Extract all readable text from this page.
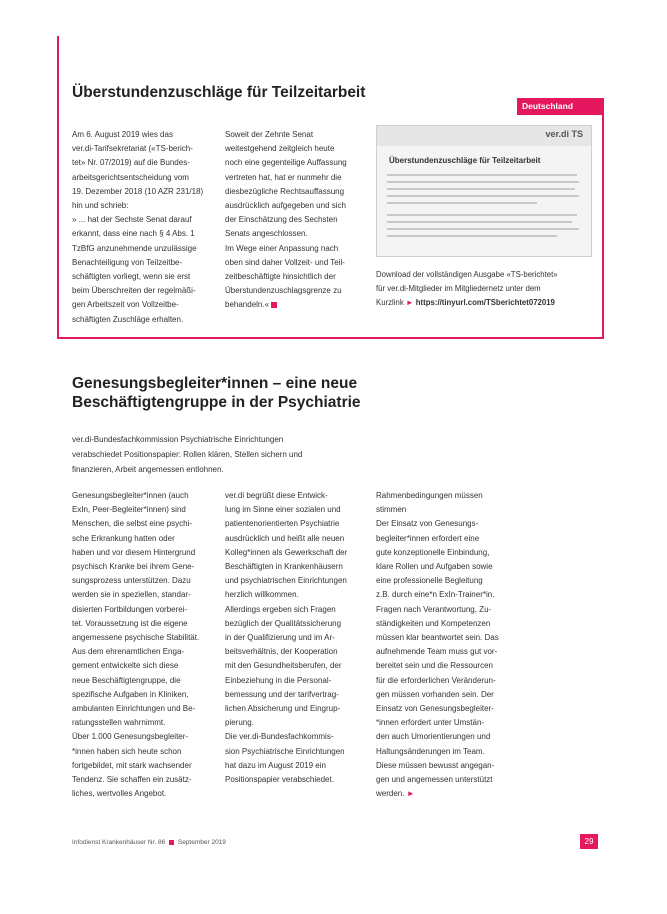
Überstundenzuschläge für Teilzeitarbeit
Deutschland

Am 6. August 2019 wies das

ver.di-Tarifsekretariat («TS-berich-

tet» Nr. 07/2019) auf die Bundes-

arbeitsgerichtsentscheidung vom

19. Dezember 2018 (10 AZR 231/18)

hin und schrieb:

» ... hat der Sechste Senat darauf

erkannt, dass eine nach § 4 Abs. 1

TzBfG anzunehmende unzulässige

Benachteiligung von Teilzeitbe-

schäftigten vorliegt, wenn sie erst

beim Überschreiten der regelmäßi-

gen Arbeitszeit von Vollzeitbe-

schäftigten Zuschläge erhalten.

Soweit der Zehnte Senat

weitestgehend zeitgleich heute

noch eine gegenteilige Auffassung

vertreten hat, hat er nunmehr die

diesbezügliche Rechtsauffassung

ausdrücklich aufgegeben und sich

der Einschätzung des Sechsten

Senats angeschlossen.

Im Wege einer Anpassung nach

oben sind daher Vollzeit- und Teil-

zeitbeschäftigte hinsichtlich der

Überstundenzuschlagsgrenze zu

behandeln.«

ver.di TS
Überstundenzuschläge für Teilzeitarbeit
Download der vollständigen Ausgabe «TS-berichtet»
für ver.di-Mitglieder im Mitgliedernetz unter dem
Kurzlink ► https://tinyurl.com/TSberichtet072019
Genesungsbegleiter*innen – eine neue
Beschäftigtengruppe in der Psychiatrie
ver.di-Bundesfachkommission Psychiatrische Einrichtungen
verabschiedet Positionspapier: Rollen klären, Stellen sichern und
finanzieren, Arbeit angemessen entlohnen.

Genesungsbegleiter*innen (auch

ExIn, Peer-Begleiter*innen) sind

Menschen, die selbst eine psychi-

sche Erkrankung hatten oder

haben und vor diesem Hintergrund

psychisch Kranke bei ihrem Gene-

sungsprozess unterstützen. Dazu

werden sie in speziellen, standar-

disierten Fortbildungen vorberei-

tet. Voraussetzung ist die eigene

angemessene psychische Stabilität.

Aus dem ehrenamtlichen Enga-

gement entwickelte sich diese

neue Beschäftigtengruppe, die

spezifische Aufgaben in Kliniken,

ambulanten Einrichtungen und Be-

ratungsstellen wahrnimmt.

Über 1.000 Genesungsbegleiter-

*innen haben sich heute schon

fortgebildet, mit stark wachsender

Tendenz. Sie schaffen ein zusätz-

liches, wertvolles Angebot.

ver.di begrüßt diese Entwick-

lung im Sinne einer sozialen und

patientenorientierten Psychiatrie

ausdrücklich und heißt alle neuen

Kolleg*innen als Gewerkschaft der

Beschäftigten in Krankenhäusern

und psychiatrischen Einrichtungen

herzlich willkommen.

Allerdings ergeben sich Fragen

bezüglich der Qualitätssicherung

in der Qualifizierung und im Ar-

beitsverhältnis, der Kooperation

mit den Gesundheitsberufen, der

Einbeziehung in die Personal-

bemessung und der tarifvertrag-

lichen Absicherung und Eingrup-

pierung.

Die ver.di-Bundesfachkommis-

sion Psychiatrische Einrichtungen

hat dazu im August 2019 ein

Positionspapier verabschiedet.

Rahmenbedingungen müssen

stimmen

Der Einsatz von Genesungs-

begleiter*innen erfordert eine

gute konzeptionelle Einbindung,

klare Rollen und Aufgaben sowie

eine professionelle Begleitung

z.B. durch eine*n ExIn-Trainer*in.

Fragen nach Verantwortung, Zu-

ständigkeiten und Kompetenzen

müssen klar beantwortet sein. Das

aufnehmende Team muss gut vor-

bereitet sein und die Ressourcen

für die erforderlichen Veränderun-

gen müssen vorhanden sein. Der

Einsatz von Genesungsbegleiter-

*innen erfordert unter Umstän-

den auch Umorientierungen und

Haltungsänderungen im Team.

Diese müssen bewusst angegan-

gen und angemessen unterstützt

werden. ►

Infodienst Krankenhäuser Nr. 86 September 2019	29
